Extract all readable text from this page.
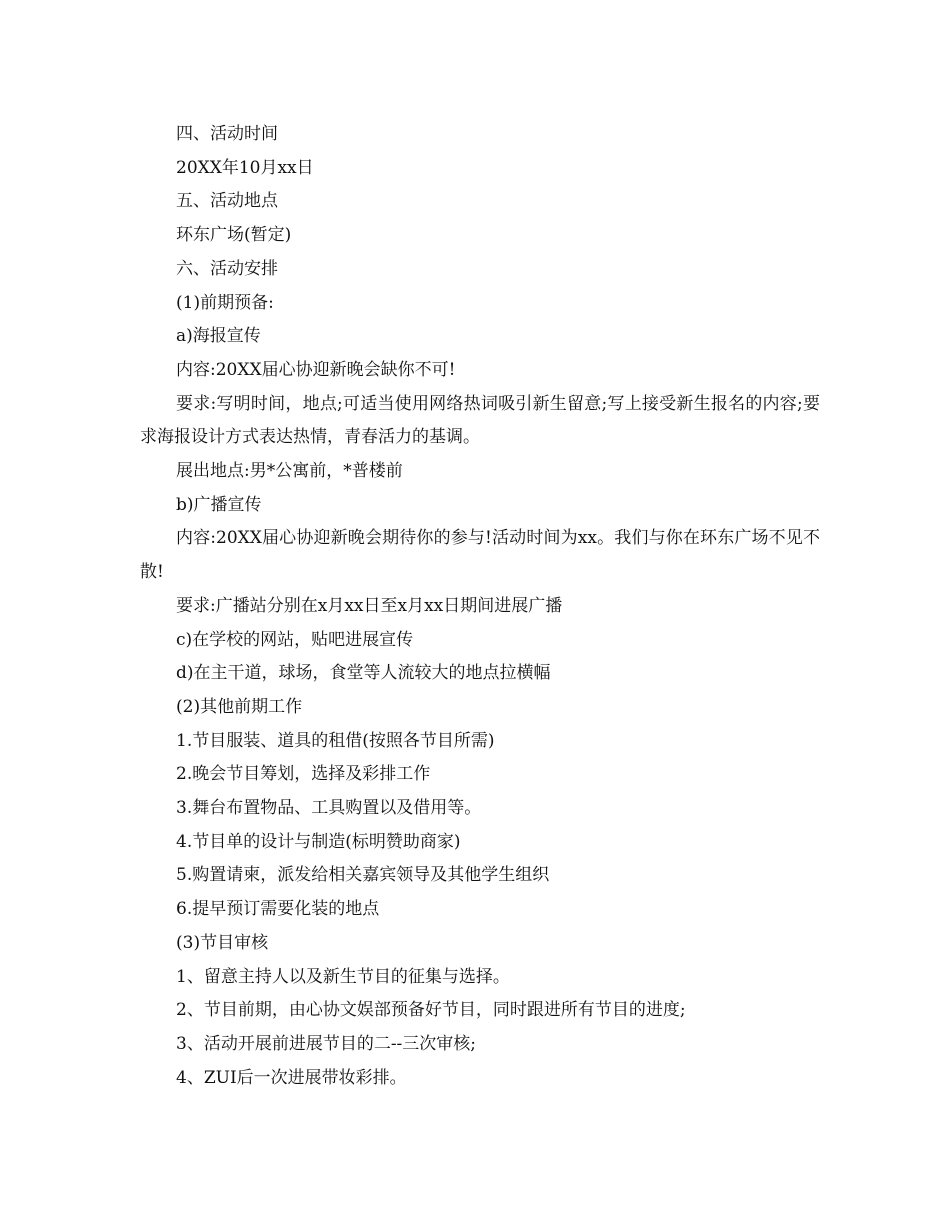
四、活动时间

20XX年10月xx日

五、活动地点

环东广场(暂定)

六、活动安排

(1)前期预备:

a)海报宣传

内容:20XX届心协迎新晚会缺你不可!

要求:写明时间，地点;可适当使用网络热词吸引新生留意;写上接受新生报名的内容;要求海报设计方式表达热情，青春活力的基调。

展出地点:男*公寓前，*普楼前

b)广播宣传

内容:20XX届心协迎新晚会期待你的参与!活动时间为xx。我们与你在环东广场不见不散!

要求:广播站分别在x月xx日至x月xx日期间进展广播

c)在学校的网站，贴吧进展宣传

d)在主干道，球场，食堂等人流较大的地点拉横幅

(2)其他前期工作

1.节目服装、道具的租借(按照各节目所需)

2.晚会节目筹划，选择及彩排工作

3.舞台布置物品、工具购置以及借用等。

4.节目单的设计与制造(标明赞助商家)

5.购置请柬，派发给相关嘉宾领导及其他学生组织

6.提早预订需要化装的地点

(3)节目审核

1、留意主持人以及新生节目的征集与选择。

2、节目前期，由心协文娱部预备好节目，同时跟进所有节目的进度;

3、活动开展前进展节目的二--三次审核;

4、ZUI后一次进展带妆彩排。
